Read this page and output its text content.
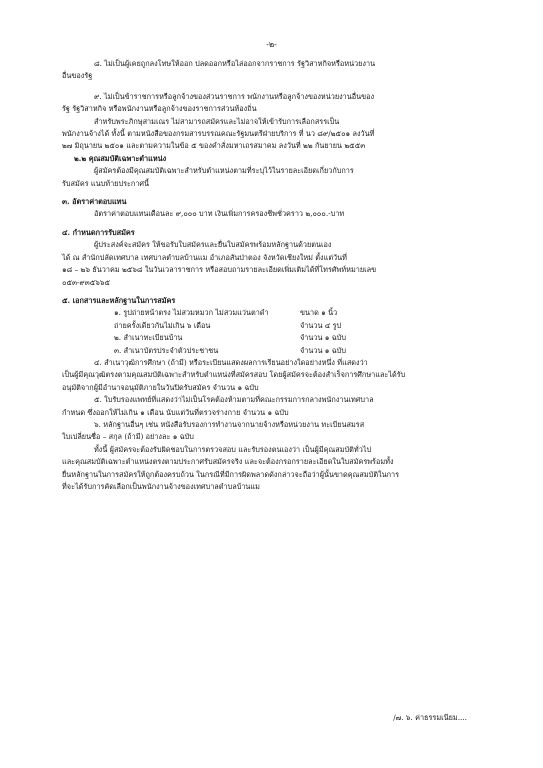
-๒-

๘. ไม่เป็นผู้เคยถูกลงโทษให้ออก ปลดออกหรือไล่ออกจากราชการ รัฐวิสาหกิจหรือหน่วยงาน

อื่นของรัฐ

๙. ไม่เป็นข้าราชการหรือลูกจ้างของส่วนราชการ พนักงานหรือลูกจ้างของหน่วยงานอื่นของ

รัฐ รัฐวิสาหกิจ หรือพนักงานหรือลูกจ้างของราชการส่วนท้องถิ่น

สำหรับพระภิกษุสามเณร ไม่สามารถสมัครและไม่อาจให้เข้ารับการเลือกสรรเป็น

พนักงานจ้างได้ ทั้งนี้ ตามหนังสือของกรมสารบรรณคณะรัฐมนตรีฝ่ายบริการ ที่ นว ๘๙/๒๕๐๑ ลงวันที่

๒๗ มิถุนายน ๒๕๐๑ และตามความในข้อ ๕ ของคำสั่งมหาเถรสมาคม ลงวันที่ ๒๒ กันยายน ๒๕๕๓

๒.๒ คุณสมบัติเฉพาะตำแหน่ง

ผู้สมัครต้องมีคุณสมบัติเฉพาะสำหรับตำแหน่งตามที่ระบุไว้ในรายละเอียดเกี่ยวกับการ

รับสมัคร แนบท้ายประกาศนี้

๓. อัตราค่าตอบแทน

อัตราค่าตอบแทนเดือนละ ๙,๐๐๐ บาท เงินเพิ่มการครองชีพชั่วคราว ๒,๐๐๐.-บาท

๔. กำหนดการรับสมัคร

ผู้ประสงค์จะสมัคร ให้ขอรับใบสมัครและยื่นใบสมัครพร้อมหลักฐานด้วยตนเอง

ได้ ณ สำนักปลัดเทศบาล เทศบาลตำบลบ้านแม อำเภอสันป่าตอง จังหวัดเชียงใหม่ ตั้งแต่วันที่

๑๘ – ๒๖ ธันวาคม ๒๕๖๘ ในวันเวลาราชการ หรือสอบถามรายละเอียดเพิ่มเติมได้ที่โทรศัพท์หมายเลข

๐๕๓-๙๓๕๖๖๕

๕. เอกสารและหลักฐานในการสมัคร

๑. รูปถ่ายหน้าตรง ไม่สวมหมวก ไม่สวมแว่นตาดำ	ขนาด ๑ นิ้ว
ถ่ายครั้งเดียวกันไม่เกิน ๖ เดือน	จำนวน ๔ รูป
๒. สำเนาทะเบียนบ้าน	จำนวน ๑ ฉบับ
๓. สำเนาบัตรประจำตัวประชาชน	จำนวน ๑ ฉบับ

๔. สำเนาวุฒิการศึกษา (ถ้ามี) หรือระเบียนแสดงผลการเรียนอย่างใดอย่างหนึ่ง ที่แสดงว่า

เป็นผู้มีคุณวุฒิตรงตามคุณสมบัติเฉพาะสำหรับตำแหน่งที่สมัครสอบ โดยผู้สมัครจะต้องสำเร็จการศึกษาและได้รับ

อนุมัติจากผู้มีอำนาจอนุมัติภายในวันปิดรับสมัคร จำนวน ๑ ฉบับ

๕. ใบรับรองแพทย์ที่แสดงว่าไม่เป็นโรคต้องห้ามตามที่คณะกรรมการกลางพนักงานเทศบาล

กำหนด ซึ่งออกให้ไม่เกิน ๑ เดือน นับแต่วันที่ตรวจร่างกาย จำนวน ๑ ฉบับ

๖. หลักฐานอื่นๆ เช่น หนังสือรับรองการทำงานจากนายจ้างหรือหน่วยงาน ทะเบียนสมรส

ใบเปลี่ยนชื่อ – สกุล (ถ้ามี) อย่างละ ๑ ฉบับ

ทั้งนี้ ผู้สมัครจะต้องรับผิดชอบในการตรวจสอบ และรับรองตนเองว่า เป็นผู้มีคุณสมบัติทั่วไป

และคุณสมบัติเฉพาะตำแหน่งตรงตามประกาศรับสมัครจริง และจะต้องกรอกรายละเอียดในใบสมัครพร้อมทั้ง

ยื่นหลักฐานในการสมัครให้ถูกต้องครบถ้วน ในกรณีที่มีการผิดพลาดดังกล่าวจะถือว่าผู้นั้นขาดคุณสมบัติในการ

ที่จะได้รับการคัดเลือกเป็นพนักงานจ้างของเทศบาลตำบลบ้านแม

/๗. ๖. ค่าธรรมเนียม....
